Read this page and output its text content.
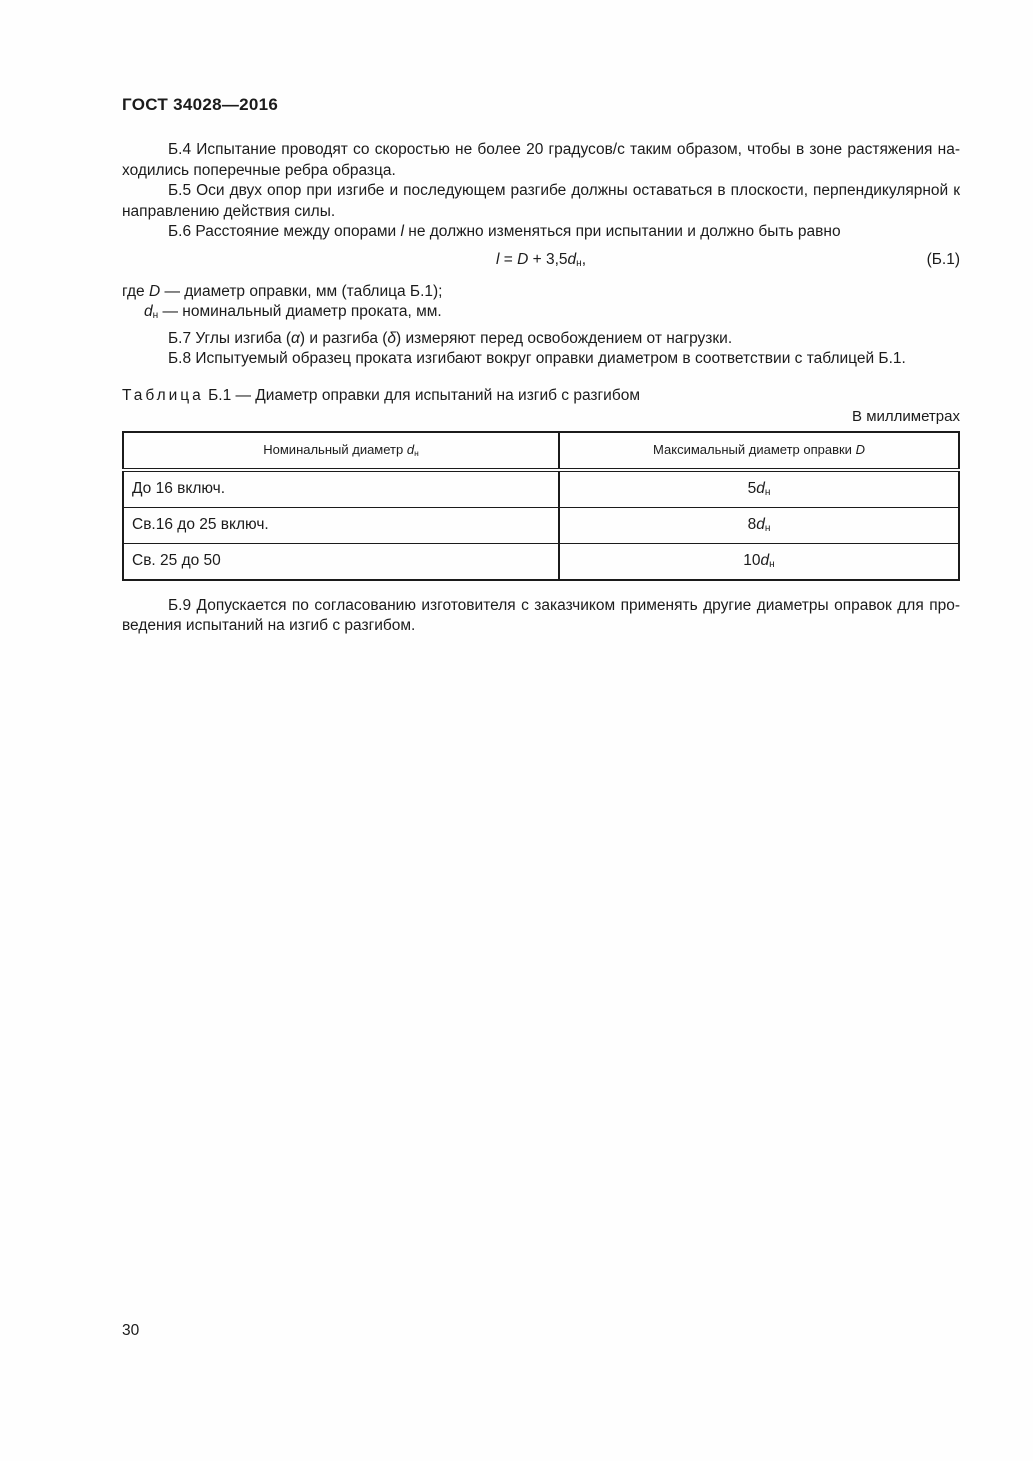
ГОСТ 34028—2016

Б.4 Испытание проводят со скоростью не более 20 градусов/с таким образом, чтобы в зоне растяжения находились поперечные ребра образца.

Б.5 Оси двух опор при изгибе и последующем разгибе должны оставаться в плоскости, перпендикулярной к направлению действия силы.

Б.6 Расстояние между опорами l не должно изменяться при испытании и должно быть равно

$l = D + 3,5d_н$,	(Б.1)

где D — диаметр оправки, мм (таблица Б.1);

$d_н$ — номинальный диаметр проката, мм.

Б.7 Углы изгиба (α) и разгиба (δ) измеряют перед освобождением от нагрузки.

Б.8 Испытуемый образец проката изгибают вокруг оправки диаметром в соответствии с таблицей Б.1.

Таблица Б.1 — Диаметр оправки для испытаний на изгиб с разгибом

В миллиметрах
Номинальный диаметр $d_н$	Максимальный диаметр оправки D
До 16 включ.	$5d_н$
Св.16 до 25 включ.	$8d_н$
Св. 25 до 50	$10d_н$

Б.9 Допускается по согласованию изготовителя с заказчиком применять другие диаметры оправок для проведения испытаний на изгиб с разгибом.

30
